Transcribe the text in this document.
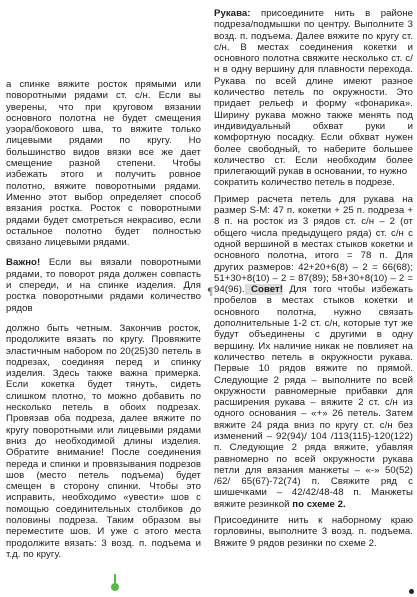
а спинке вяжите росток прямыми или поворотными рядами ст. с/н. Если вы уверены, что при круговом вязании основного полотна не будет смещения узора/бокового шва, то вяжите только лицевыми рядами по кругу. Но большинство видов вязки все же дает смещение разной степени. Чтобы избежать этого и получить ровное полотно, вяжите поворотными рядами. Именно этот выбор определяет способ вязания ростка. Росток с поворотными рядами будет смотреться некрасиво, если остальное полотно будет полностью связано лицевыми рядами.

Важно! Если вы вязали поворотными рядами, то поворот ряда должен совпасть и спереди, и на спинке изделия. Для ростка поворотными рядами количество рядов

должно быть четным. Закончив росток, продолжите вязать по кругу. Провяжите эластичным набором по 20(25)30 петель в подрезах, соединяя перед и спинку изделия. Здесь также важна примерка. Если кокетка будет тянуть, сидеть слишком плотно, то можно добавить по несколько петель в обоих подрезах. Провязав оба подреза, далее вяжите по кругу поворотными или лицевыми рядами вниз до необходимой длины изделия. Обратите внимание! После соединения переда и спинки и провязывания подрезов шов (место петель подъема) будет смещен в сторону спинки. Чтобы это исправить, необходимо «увести» шов с помощью соединительных столбиков до половины подреза. Таким образом вы переместите шов. И уже с этого места продолжите вязать: 3 возд. п. подъема и т.д. по кругу.

Рукава: присоедините нить в районе подреза/подмышки по центру. Выполните 3 возд. п. подъема. Далее вяжите по кругу ст. с/н. В местах соединения кокетки и основного полотна свяжите несколько ст. с/н в одну вершину для плавности перехода. Рукава по всей длине имеют разное количество петель по окружности. Это придает рельеф и форму «фонарика». Ширину рукава можно также менять под индивидуальный обхват руки и комфортную посадку. Если обхват нужен более свободный, то наберите большее количество ст. Если необходим более прилегающий рукав в основании, то нужно

сократить количество петель в подрезе.

Пример расчета петель для рукава на размер S-M: 47 п. кокетки + 25 п. подреза + 8 п. на росток из 3 рядов ст. с/н – 2 (от общего числа предыдущего ряда) ст. с/н с одной вершиной в местах стыков кокетки и основного полотна, итого = 78 п. Для других размеров: 42+20+6(8) – 2 = 66(68); 51+30+8(10) – 2 = 87(89); 58+30+8(10) – 2 = 94(96). Совет! Для того чтобы избежать пробелов в местах стыков кокетки и основного полотна, нужно связать дополнительные 1-2 ст. с/н, которые тут же будут объединены с другими в одну вершину. Их наличие никак не повлияет на количество петель в окружности рукава. Первые 10 рядов вяжите по прямой. Следующие 2 ряда – выполните по всей окружности равномерные прибавки для расширения рукава – вяжите 2 ст. с/н из одного основания – «+» 26 петель. Затем вяжите 24 ряда вниз по кругу ст. с/н без изменений – 92(94)/ 104 /113(115)-120(122) п. Следующие 2 ряда вяжите, убавляя равномерно по всей окружности рукава петли для вязания манжеты – «-» 50(52) /62/ 65(67)-72(74) п. Свяжите ряд с шишечками – 42/42/48-48 п. Манжеты вяжите резинкой по схеме 2.

Присоедините нить к наборному краю горловины, выполните 3 возд. п. подъема. Вяжите 9 рядов резинки по схеме 2.

¶
